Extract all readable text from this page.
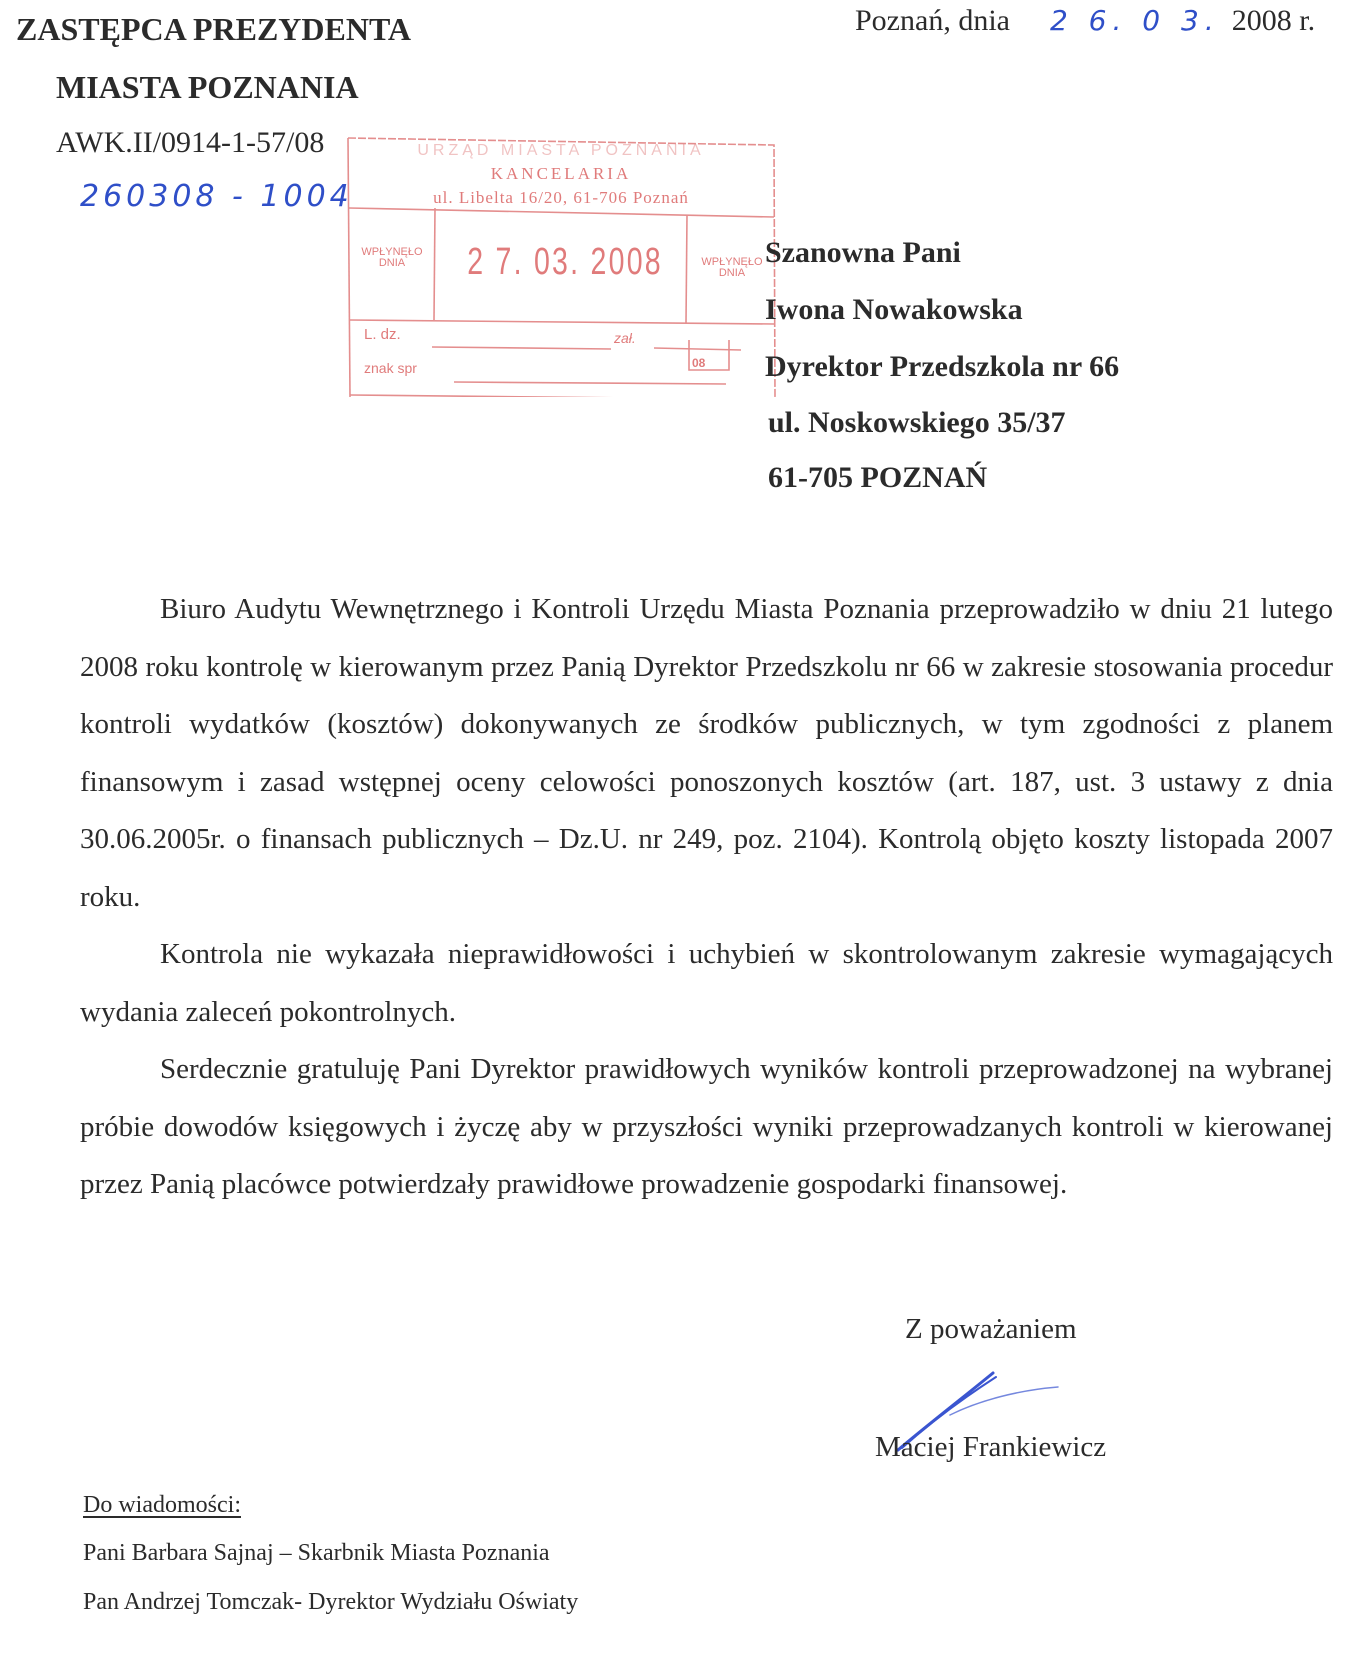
ZASTĘPCA PREZYDENTA
MIASTA POZNANIA
AWK.II/0914-1-57/08
260308 - 1004
Poznań, dnia 2 6. 0 3. 2008 r.
URZĄD MIASTA POZNANIA
KANCELARIA
ul. Libelta 16/20, 61-706 Poznań
WPŁYNĘŁO
DNIA	2 7. 03. 2008	WPŁYNĘŁO
DNIA
L. dz.	zał.
znak spr	08
Szanowna Pani
Iwona Nowakowska
Dyrektor Przedszkola nr 66
ul. Noskowskiego 35/37
61-705 POZNAŃ

Biuro Audytu Wewnętrznego i Kontroli Urzędu Miasta Poznania przeprowadziło w dniu 21 lutego 2008 roku kontrolę w kierowanym przez Panią Dyrektor Przedszkolu nr 66 w zakresie stosowania procedur kontroli wydatków (kosztów) dokonywanych ze środków publicznych, w tym zgodności z planem finansowym i zasad wstępnej oceny celowości ponoszonych kosztów (art. 187, ust. 3 ustawy z dnia 30.06.2005r. o finansach publicznych – Dz.U. nr 249, poz. 2104). Kontrolą objęto koszty listopada 2007 roku.

Kontrola nie wykazała nieprawidłowości i uchybień w skontrolowanym zakresie wymagających wydania zaleceń pokontrolnych.

Serdecznie gratuluję Pani Dyrektor prawidłowych wyników kontroli przeprowadzonej na wybranej próbie dowodów księgowych i życzę aby w przyszłości wyniki przeprowadzanych kontroli w kierowanej przez Panią placówce potwierdzały prawidłowe prowadzenie gospodarki finansowej.

Z poważaniem
Maciej Frankiewicz
Do wiadomości:
Pani Barbara Sajnaj – Skarbnik Miasta Poznania
Pan Andrzej Tomczak- Dyrektor Wydziału Oświaty
